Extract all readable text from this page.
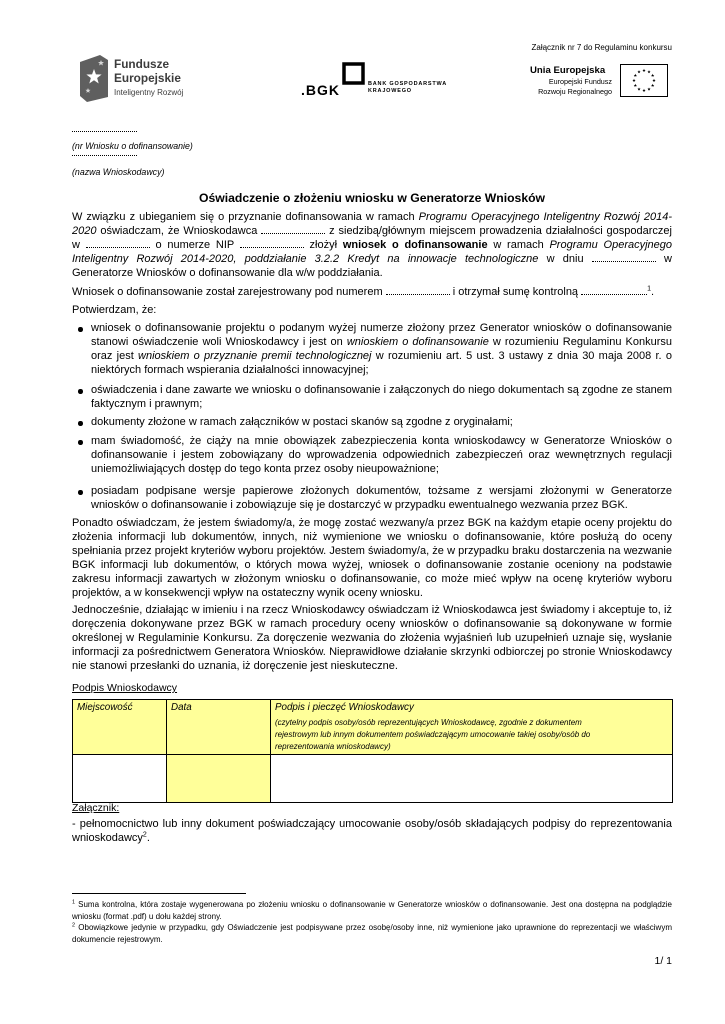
Załącznik nr 7 do Regulaminu konkursu
Fundusze
Europejskie
Inteligentny Rozwój	.BGK	BANK GOSPODARSTWA
KRAJOWEGO
Unia Europejska
Europejski Fundusz
Rozwoju Regionalnego
(nr Wniosku o dofinansowanie)
(nazwa Wnioskodawcy)
Oświadczenie o złożeniu wniosku w Generatorze Wniosków
W związku z ubieganiem się o przyznanie dofinansowania w ramach Programu Operacyjnego Inteligentny Rozwój 2014-2020 oświadczam, że Wnioskodawca	z siedzibą/głównym miejscem prowadzenia działalności gospodarczej w	o numerze NIP	złożył wniosek o dofinansowanie w ramach Programu Operacyjnego Inteligentny Rozwój 2014-2020, poddziałanie 3.2.2 Kredyt na innowacje technologiczne w dniu	w Generatorze Wniosków o dofinansowanie dla w/w poddziałania.
Wniosek o dofinansowanie został zarejestrowany pod numerem	i otrzymał sumę kontrolną	$^1$.
Potwierdzam, że:
wniosek o dofinansowanie projektu o podanym wyżej numerze złożony przez Generator wniosków o dofinansowanie stanowi oświadczenie woli Wnioskodawcy i jest on wnioskiem o dofinansowanie w rozumieniu Regulaminu Konkursu oraz jest wnioskiem o przyznanie premii technologicznej w rozumieniu art. 5 ust. 3 ustawy z dnia 30 maja 2008 r. o niektórych formach wspierania działalności innowacyjnej;
oświadczenia i dane zawarte we wniosku o dofinansowanie i załączonych do niego dokumentach są zgodne ze stanem faktycznym i prawnym;
dokumenty złożone w ramach załączników w postaci skanów są zgodne z oryginałami;
mam świadomość, że ciąży na mnie obowiązek zabezpieczenia konta wnioskodawcy w Generatorze Wniosków o dofinansowanie i jestem zobowiązany do wprowadzenia odpowiednich zabezpieczeń oraz wewnętrznych regulacji uniemożliwiających dostęp do tego konta przez osoby nieupoważnione;
posiadam podpisane wersje papierowe złożonych dokumentów, tożsame z wersjami złożonymi w Generatorze wniosków o dofinansowanie i zobowiązuje się je dostarczyć w przypadku ewentualnego wezwania przez BGK.
Ponadto oświadczam, że jestem świadomy/a, że mogę zostać wezwany/a przez BGK na każdym etapie oceny projektu do złożenia informacji lub dokumentów, innych, niż wymienione we wniosku o dofinansowanie, które posłużą do oceny spełniania przez projekt kryteriów wyboru projektów. Jestem świadomy/a, że w przypadku braku dostarczenia na wezwanie BGK informacji lub dokumentów, o których mowa wyżej, wniosek o dofinansowanie zostanie oceniony na podstawie zakresu informacji zawartych w złożonym wniosku o dofinansowanie, co może mieć wpływ na ocenę kryteriów wyboru projektów, a w konsekwencji wpływ na ostateczny wynik oceny wniosku.
Jednocześnie, działając w imieniu i na rzecz Wnioskodawcy oświadczam iż Wnioskodawca jest świadomy i akceptuje to, iż doręczenia dokonywane przez BGK w ramach procedury oceny wniosków o dofinansowanie są dokonywane w formie określonej w Regulaminie Konkursu. Za doręczenie wezwania do złożenia wyjaśnień lub uzupełnień uznaje się, wysłanie informacji za pośrednictwem Generatora Wniosków. Nieprawidłowe działanie skrzynki odbiorczej po stronie Wnioskodawcy nie stanowi przesłanki do uznania, iż doręczenie jest nieskuteczne.
Podpis Wnioskodawcy
Miejscowość	Data	Podpis i pieczęć Wnioskodawcy
(czytelny podpis osoby/osób reprezentujących Wnioskodawcę, zgodnie z dokumentem rejestrowym lub innym dokumentem poświadczającym umocowanie takiej osoby/osób do reprezentowania wnioskodawcy)

Załącznik:
- pełnomocnictwo lub inny dokument poświadczający umocowanie osoby/osób składających podpisy do reprezentowania wnioskodawcy$^2$.
$^1$ Suma kontrolna, która zostaje wygenerowana po złożeniu wniosku o dofinansowanie w Generatorze wniosków o dofinansowanie. Jest ona dostępna na podglądzie wniosku (format .pdf) u dołu każdej strony.
$^2$ Obowiązkowe jedynie w przypadku, gdy Oświadczenie jest podpisywane przez osobę/osoby inne, niż wymienione jako uprawnione do reprezentacji we właściwym dokumencie rejestrowym.
1/ 1
